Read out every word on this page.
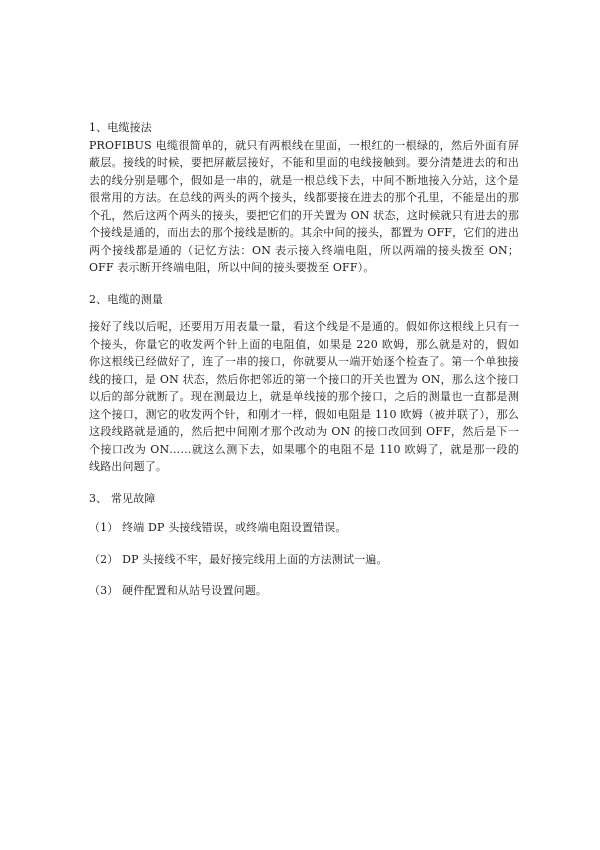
1、电缆接法
PROFIBUS 电缆很简单的，就只有两根线在里面，一根红的一根绿的，然后外面有屏蔽层。接线的时候，要把屏蔽层接好，不能和里面的电线接触到。要分清楚进去的和出去的线分别是哪个，假如是一串的，就是一根总线下去，中间不断地接入分站，这个是很常用的方法。在总线的两头的两个接头，线都要接在进去的那个孔里，不能是出的那个孔，然后这两个两头的接头，要把它们的开关置为 ON 状态，这时候就只有进去的那个接线是通的，而出去的那个接线是断的。其余中间的接头，都置为 OFF，它们的进出两个接线都是通的（记忆方法：ON 表示接入终端电阻，所以两端的接头拨至 ON；OFF 表示断开终端电阻，所以中间的接头要拨至 OFF）。
2、电缆的测量
接好了线以后呢，还要用万用表量一量，看这个线是不是通的。假如你这根线上只有一个接头，你量它的收发两个针上面的电阻值，如果是 220 欧姆，那么就是对的，假如你这根线已经做好了，连了一串的接口，你就要从一端开始逐个检查了。第一个单独接线的接口，是 ON 状态，然后你把邻近的第一个接口的开关也置为 ON，那么这个接口以后的部分就断了。现在测最边上，就是单线接的那个接口，之后的测量也一直都是测这个接口，测它的收发两个针，和刚才一样，假如电阻是 110 欧姆（被并联了），那么这段线路就是通的，然后把中间刚才那个改动为 ON 的接口改回到 OFF，然后是下一个接口改为 ON……就这么测下去，如果哪个的电阻不是 110 欧姆了，就是那一段的线路出问题了。
3、 常见故障
（1） 终端 DP 头接线错误，或终端电阻设置错误。
（2） DP 头接线不牢，最好接完线用上面的方法测试一遍。
（3） 硬件配置和从站号设置问题。
